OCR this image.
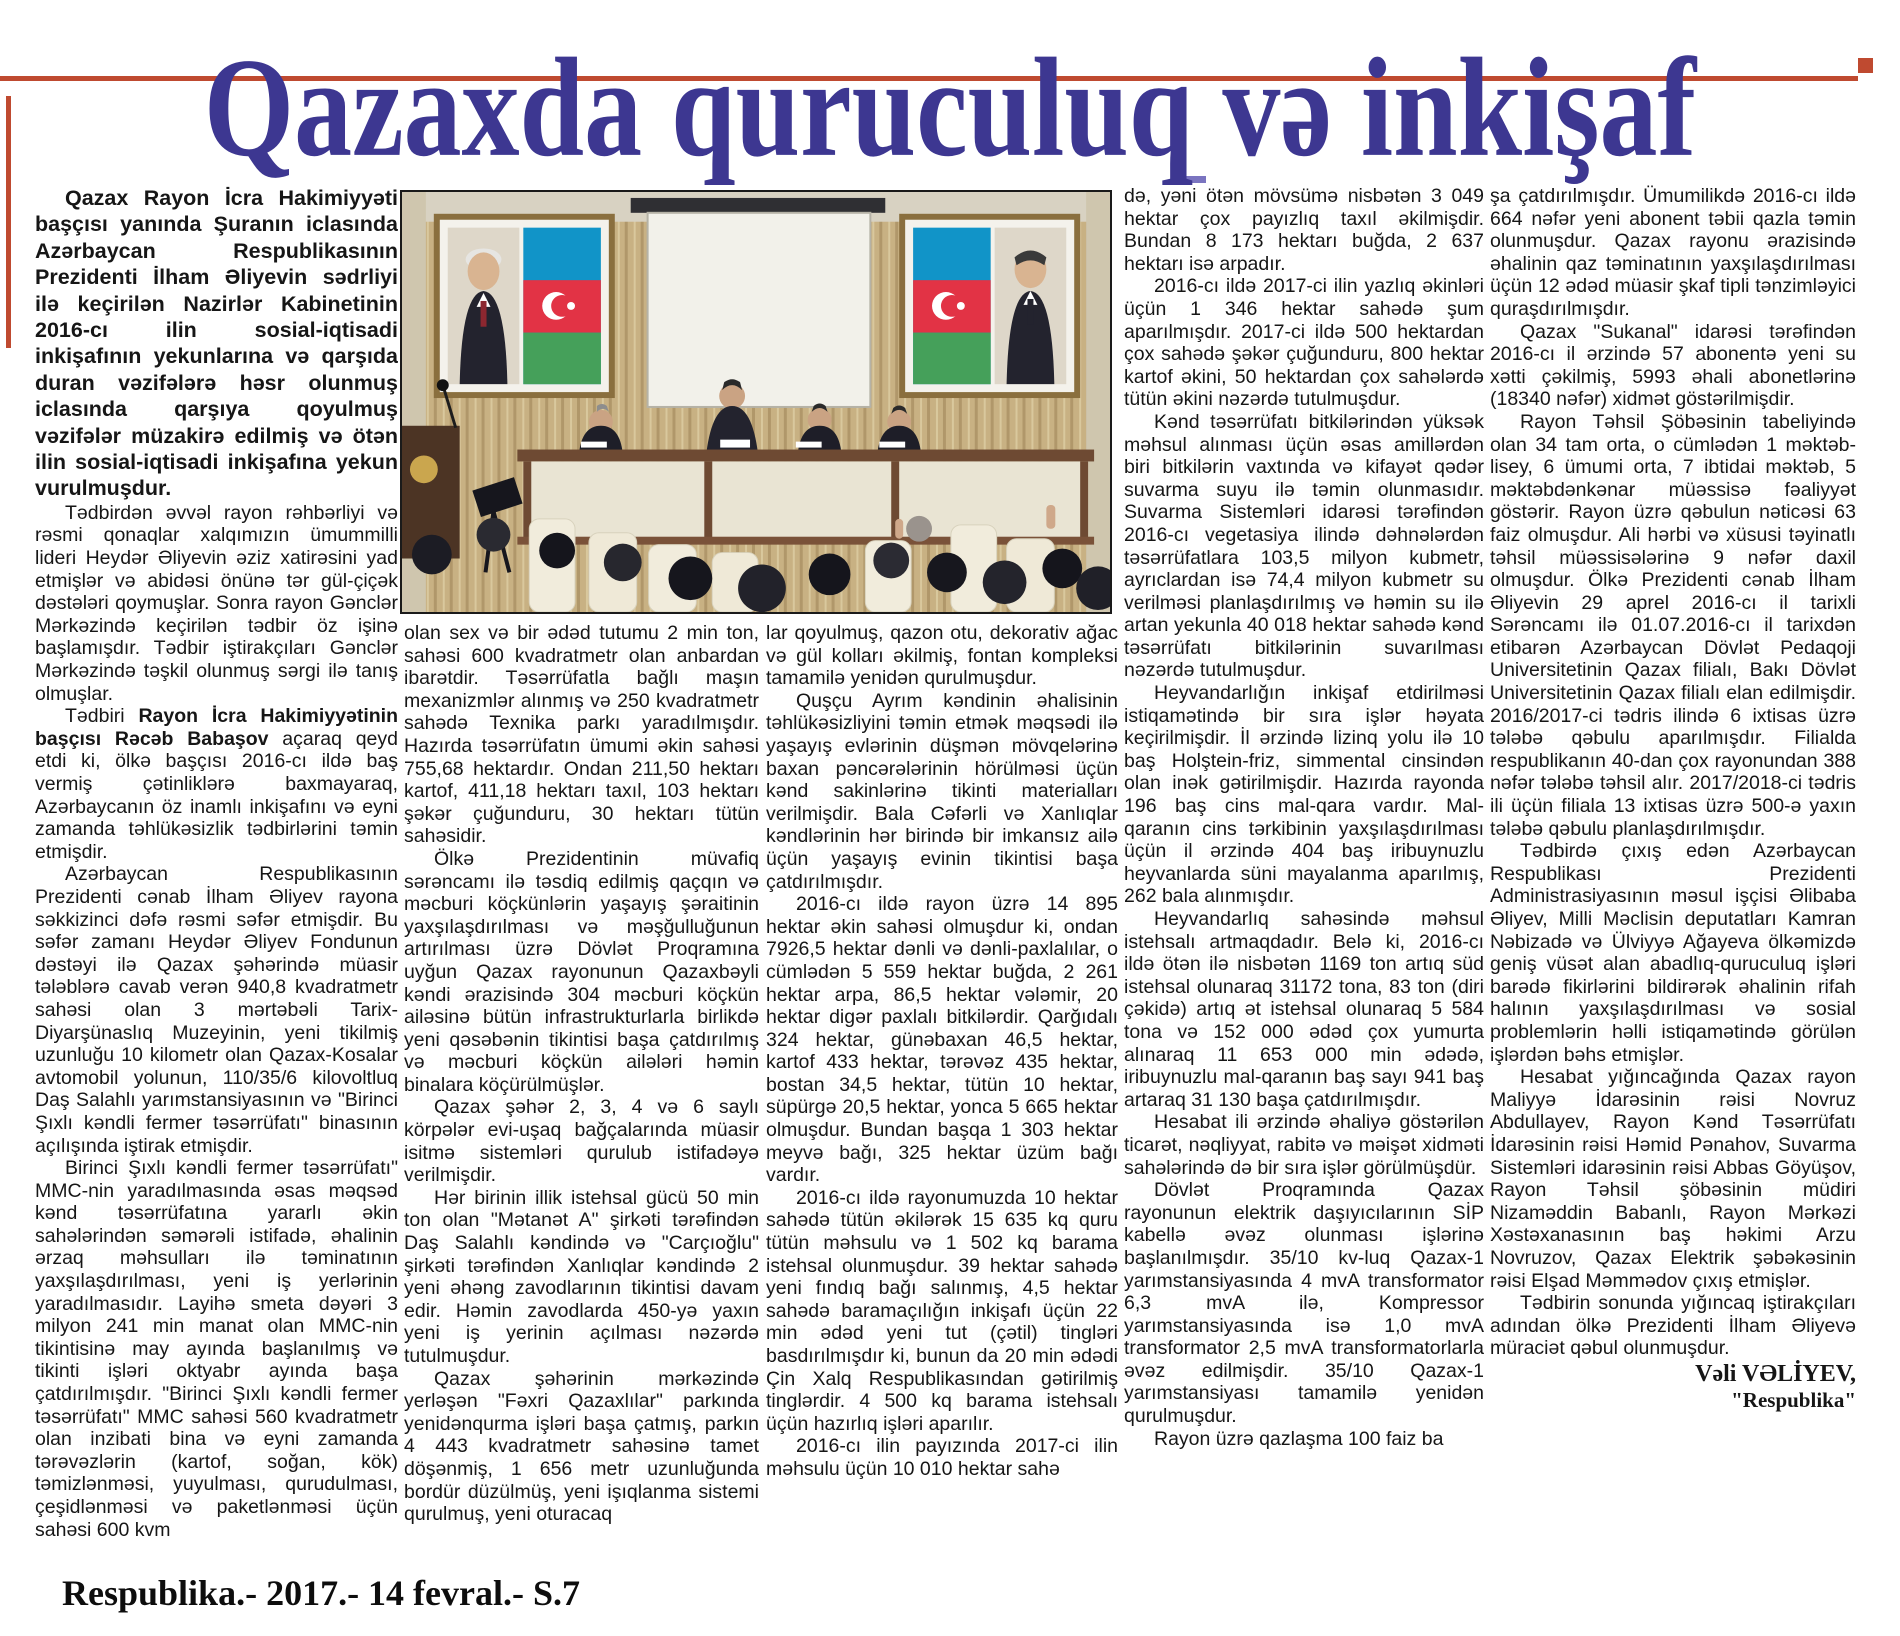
Qazaxda quruculuq və inkişaf

Qazax Rayon İcra Hakimiyyəti başçısı yanında Şuranın iclasında Azərbaycan Respublikasının Prezidenti İlham Əliyevin sədrliyi ilə keçirilən Nazirlər Kabinetinin 2016-cı ilin sosial-iqtisadi inkişafının yekunlarına və qarşıda duran vəzifələrə həsr olunmuş iclasında qarşıya qoyulmuş vəzifələr müzakirə edilmiş və ötən ilin sosial-iqtisadi inkişafına yekun vurulmuşdur.

Tədbirdən əvvəl rayon rəhbərliyi və rəsmi qonaqlar xalqımızın ümummilli lideri Heydər Əliyevin əziz xatirəsini yad etmişlər və abidəsi önünə tər gül-çiçək dəstələri qoymuşlar. Sonra rayon Gənclər Mərkəzində keçirilən tədbir öz işinə başlamışdır. Tədbir iştirakçıları Gənclər Mərkəzində təşkil olunmuş sərgi ilə tanış olmuşlar.

Tədbiri Rayon İcra Hakimiyyətinin başçısı Rəcəb Babaşov açaraq qeyd etdi ki, ölkə başçısı 2016-cı ildə baş vermiş çətinliklərə baxmayaraq, Azərbaycanın öz inamlı inkişafını və eyni zamanda təhlükəsizlik tədbirlərini təmin etmişdir.

Azərbaycan Respublikasının Prezidenti cənab İlham Əliyev rayona səkkizinci dəfə rəsmi səfər etmişdir. Bu səfər zamanı Heydər Əliyev Fondunun dəstəyi ilə Qazax şəhərində müasir tələblərə cavab verən 940,8 kvadratmetr sahəsi olan 3 mərtəbəli Tarix-Diyarşünaslıq Muzeyinin, yeni tikilmiş uzunluğu 10 kilometr olan Qazax-Kosalar avtomobil yolunun, 110/35/6 kilovoltluq Daş Salahlı yarımstansiyasının və "Birinci Şıxlı kəndli fermer təsərrüfatı" binasının açılışında iştirak etmişdir.

Birinci Şıxlı kəndli fermer təsərrüfatı" MMC-nin yaradılmasında əsas məqsəd kənd təsərrüfatına yararlı əkin sahələrindən səmərəli istifadə, əhalinin ərzaq məhsulları ilə təminatının yaxşılaşdırılması, yeni iş yerlərinin yaradılmasıdır. Layihə smeta dəyəri 3 milyon 241 min manat olan MMC-nin tikintisinə may ayında başlanılmış və tikinti işləri oktyabr ayında başa çatdırılmışdır. "Birinci Şıxlı kəndli fermer təsərrüfatı" MMC sahəsi 560 kvadratmetr olan inzibati bina və eyni zamanda tərəvəzlərin (kartof, soğan, kök) təmizlənməsi, yuyulması, qurudulması, çeşidlənməsi və paketlənməsi üçün sahəsi 600 kvm

olan sex və bir ədəd tutumu 2 min ton, sahəsi 600 kvadratmetr olan anbardan ibarətdir. Təsərrüfatla bağlı maşın mexanizmlər alınmış və 250 kvadratmetr sahədə Texnika parkı yaradılmışdır. Hazırda təsərrüfatın ümumi əkin sahəsi 755,68 hektardır. Ondan 211,50 hektarı kartof, 411,18 hektarı taxıl, 103 hektarı şəkər çuğunduru, 30 hektarı tütün sahəsidir.

Ölkə Prezidentinin müvafiq sərəncamı ilə təsdiq edilmiş qaçqın və məcburi köçkünlərin yaşayış şəraitinin yaxşılaşdırılması və məşğulluğunun artırılması üzrə Dövlət Proqramına uyğun Qazax rayonunun Qazaxbəyli kəndi ərazisində 304 məcburi köçkün ailəsinə bütün infrastrukturlarla birlikdə yeni qəsəbənin tikintisi başa çatdırılmış və məcburi köçkün ailələri həmin binalara köçürülmüşlər.

Qazax şəhər 2, 3, 4 və 6 saylı körpələr evi-uşaq bağçalarında müasir isitmə sistemləri qurulub istifadəyə verilmişdir.

Hər birinin illik istehsal gücü 50 min ton olan "Mətanət A" şirkəti tərəfindən Daş Salahlı kəndində və "Carçıoğlu" şirkəti tərəfindən Xanlıqlar kəndində 2 yeni əhəng zavodlarının tikintisi davam edir. Həmin zavodlarda 450-yə yaxın yeni iş yerinin açılması nəzərdə tutulmuşdur.

Qazax şəhərinin mərkəzində yerləşən "Fəxri Qazaxlılar" parkında yenidənqurma işləri başa çatmış, parkın 4 443 kvadratmetr sahəsinə tamet döşənmiş, 1 656 metr uzunluğunda bordür düzülmüş, yeni işıqlanma sistemi qurulmuş, yeni oturacaq

lar qoyulmuş, qazon otu, dekorativ ağac və gül kolları əkilmiş, fontan kompleksi tamamilə yenidən qurulmuşdur.

Quşçu Ayrım kəndinin əhalisinin təhlükəsizliyini təmin etmək məqsədi ilə yaşayış evlərinin düşmən mövqelərinə baxan pəncərələrinin hörülməsi üçün kənd sakinlərinə tikinti materialları verilmişdir. Bala Cəfərli və Xanlıqlar kəndlərinin hər birində bir imkansız ailə üçün yaşayış evinin tikintisi başa çatdırılmışdır.

2016-cı ildə rayon üzrə 14 895 hektar əkin sahəsi olmuşdur ki, ondan 7926,5 hektar dənli və dənli-paxlalılar, o cümlədən 5 559 hektar buğda, 2 261 hektar arpa, 86,5 hektar vələmir, 20 hektar digər paxlalı bitkilərdir. Qarğıdalı 324 hektar, günəbaxan 46,5 hektar, kartof 433 hektar, tərəvəz 435 hektar, bostan 34,5 hektar, tütün 10 hektar, süpürgə 20,5 hektar, yonca 5 665 hektar olmuşdur. Bundan başqa 1 303 hektar meyvə bağı, 325 hektar üzüm bağı vardır.

2016-cı ildə rayonumuzda 10 hektar sahədə tütün əkilərək 15 635 kq quru tütün məhsulu və 1 502 kq barama istehsal olunmuşdur. 39 hektar sahədə yeni fındıq bağı salınmış, 4,5 hektar sahədə baramaçılığın inkişafı üçün 22 min ədəd yeni tut (çətil) tingləri basdırılmışdır ki, bunun da 20 min ədədi Çin Xalq Respublikasından gətirilmiş tinglərdir. 4 500 kq barama istehsalı üçün hazırlıq işləri aparılır.

2016-cı ilin payızında 2017-ci ilin məhsulu üçün 10 010 hektar sahə

də, yəni ötən mövsümə nisbətən 3 049 hektar çox payızlıq taxıl əkilmişdir. Bundan 8 173 hektarı buğda, 2 637 hektarı isə arpadır.

2016-cı ildə 2017-ci ilin yazlıq əkinləri üçün 1 346 hektar sahədə şum aparılmışdır. 2017-ci ildə 500 hektardan çox sahədə şəkər çuğunduru, 800 hektar kartof əkini, 50 hektardan çox sahələrdə tütün əkini nəzərdə tutulmuşdur.

Kənd təsərrüfatı bitkilərindən yüksək məhsul alınması üçün əsas amillərdən biri bitkilərin vaxtında və kifayət qədər suvarma suyu ilə təmin olunmasıdır. Suvarma Sistemləri idarəsi tərəfindən 2016-cı vegetasiya ilində dəhnələrdən təsərrüfatlara 103,5 milyon kubmetr, ayrıclardan isə 74,4 milyon kubmetr su verilməsi planlaşdırılmış və həmin su ilə artan yekunla 40 018 hektar sahədə kənd təsərrüfatı bitkilərinin suvarılması nəzərdə tutulmuşdur.

Heyvandarlığın inkişaf etdirilməsi istiqamətində bir sıra işlər həyata keçirilmişdir. İl ərzində lizinq yolu ilə 10 baş Holştein-friz, simmental cinsindən olan inək gətirilmişdir. Hazırda rayonda 196 baş cins mal-qara vardır. Mal-qaranın cins tərkibinin yaxşılaşdırılması üçün il ərzində 404 baş iribuynuzlu heyvanlarda süni mayalanma aparılmış, 262 bala alınmışdır.

Heyvandarlıq sahəsində məhsul istehsalı artmaqdadır. Belə ki, 2016-cı ildə ötən ilə nisbətən 1169 ton artıq süd istehsal olunaraq 31172 tona, 83 ton (diri çəkidə) artıq ət istehsal olunaraq 5 584 tona və 152 000 ədəd çox yumurta alınaraq 11 653 000 min ədədə, iribuynuzlu mal-qaranın baş sayı 941 baş artaraq 31 130 başa çatdırılmışdır.

Hesabat ili ərzində əhaliyə göstərilən ticarət, nəqliyyat, rabitə və məişət xidməti sahələrində də bir sıra işlər görülmüşdür.

Dövlət Proqramında Qazax rayonunun elektrik daşıyıcılarının SİP kabellə əvəz olunması işlərinə başlanılmışdır. 35/10 kv-luq Qazax-1 yarımstansiyasında 4 mvA transformator 6,3 mvA ilə, Kompressor yarımstansiyasında isə 1,0 mvA transformator 2,5 mvA transformatorlarla əvəz edilmişdir. 35/10 Qazax-1 yarımstansiyası tamamilə yenidən qurulmuşdur.

Rayon üzrə qazlaşma 100 faiz ba

şa çatdırılmışdır. Ümumilikdə 2016-cı ildə 664 nəfər yeni abonent təbii qazla təmin olunmuşdur. Qazax rayonu ərazisində əhalinin qaz təminatının yaxşılaşdırılması üçün 12 ədəd müasir şkaf tipli tənzimləyici quraşdırılmışdır.

Qazax "Sukanal" idarəsi tərəfindən 2016-cı il ərzində 57 abonentə yeni su xətti çəkilmiş, 5993 əhali abonetlərinə (18340 nəfər) xidmət göstərilmişdir.

Rayon Təhsil Şöbəsinin tabeliyində olan 34 tam orta, o cümlədən 1 məktəb-lisey, 6 ümumi orta, 7 ibtidai məktəb, 5 məktəbdənkənar müəssisə fəaliyyət göstərir. Rayon üzrə qəbulun nəticəsi 63 faiz olmuşdur. Ali hərbi və xüsusi təyinatlı təhsil müəssisələrinə 9 nəfər daxil olmuşdur. Ölkə Prezidenti cənab İlham Əliyevin 29 aprel 2016-cı il tarixli Sərəncamı ilə 01.07.2016-cı il tarixdən etibarən Azərbaycan Dövlət Pedaqoji Universitetinin Qazax filialı, Bakı Dövlət Universitetinin Qazax filialı elan edilmişdir. 2016/2017-ci tədris ilində 6 ixtisas üzrə tələbə qəbulu aparılmışdır. Filialda respublikanın 40-dan çox rayonundan 388 nəfər tələbə təhsil alır. 2017/2018-ci tədris ili üçün filiala 13 ixtisas üzrə 500-ə yaxın tələbə qəbulu planlaşdırılmışdır.

Tədbirdə çıxış edən Azərbaycan Respublikası Prezidenti Administrasiyasının məsul işçisi Əlibaba Əliyev, Milli Məclisin deputatları Kamran Nəbizadə və Ülviyyə Ağayeva ölkəmizdə geniş vüsət alan abadlıq-quruculuq işləri barədə fikirlərini bildirərək əhalinin rifah halının yaxşılaşdırılması və sosial problemlərin həlli istiqamətində görülən işlərdən bəhs etmişlər.

Hesabat yığıncağında Qazax rayon Maliyyə İdarəsinin rəisi Novruz Abdullayev, Rayon Kənd Təsərrüfatı İdarəsinin rəisi Həmid Pənahov, Suvarma Sistemləri idarəsinin rəisi Abbas Göyüşov, Rayon Təhsil şöbəsinin müdiri Nizaməddin Babanlı, Rayon Mərkəzi Xəstəxanasının baş həkimi Arzu Novruzov, Qazax Elektrik şəbəkəsinin rəisi Elşad Məmmədov çıxış etmişlər.

Tədbirin sonunda yığıncaq iştirakçıları adından ölkə Prezidenti İlham Əliyevə müraciət qəbul olunmuşdur.

Vəli VƏLİYEV,

"Respublika"

Respublika.- 2017.- 14 fevral.- S.7
